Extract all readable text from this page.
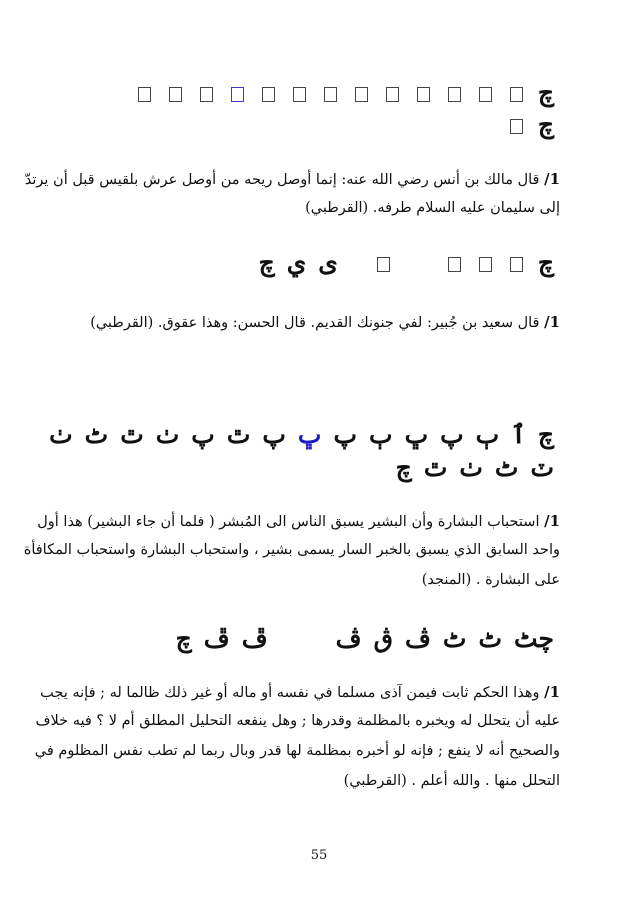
چ
چ
1/ قال مالك بن أنس رضي الله عنه: إنما أوصل ريحه من أوصل عرش بلقيس قبل أن يرتدّ
إلى سليمان عليه السلام طرفه. (القرطبي)
چىيچ
1/ قال سعيد بن جُبير: لفي جنونك القديم. قال الحسن: وهذا عقوق. (القرطبي)
چٱٻپڀٻپڀپٿپٺٿٹٺ
ٽٹٺٿچ
1/ استحباب البشارة وأن البشير يسبق الناس الى المُبشر ( فلما أن جاء البشير) هذا أول
واحد السابق الذي يسبق بالخبر السار يسمى بشير ، واستحباب البشارة واستحباب المكافأة
على البشارة . (المنجد)
چٹٹٹڤڨڤڦڦچ
1/ وهذا الحكم ثابت فيمن آذى مسلما في نفسه أو ماله أو غير ذلك ظالما له ; فإنه يجب
عليه أن يتحلل له ويخبره بالمظلمة وقدرها ; وهل ينفعه التحليل المطلق أم لا ؟ فيه خلاف
والصحيح أنه لا ينفع ; فإنه لو أخبره بمظلمة لها قدر وبال ربما لم تطب نفس المظلوم في
التحلل منها . والله أعلم . (القرطبي)
55
